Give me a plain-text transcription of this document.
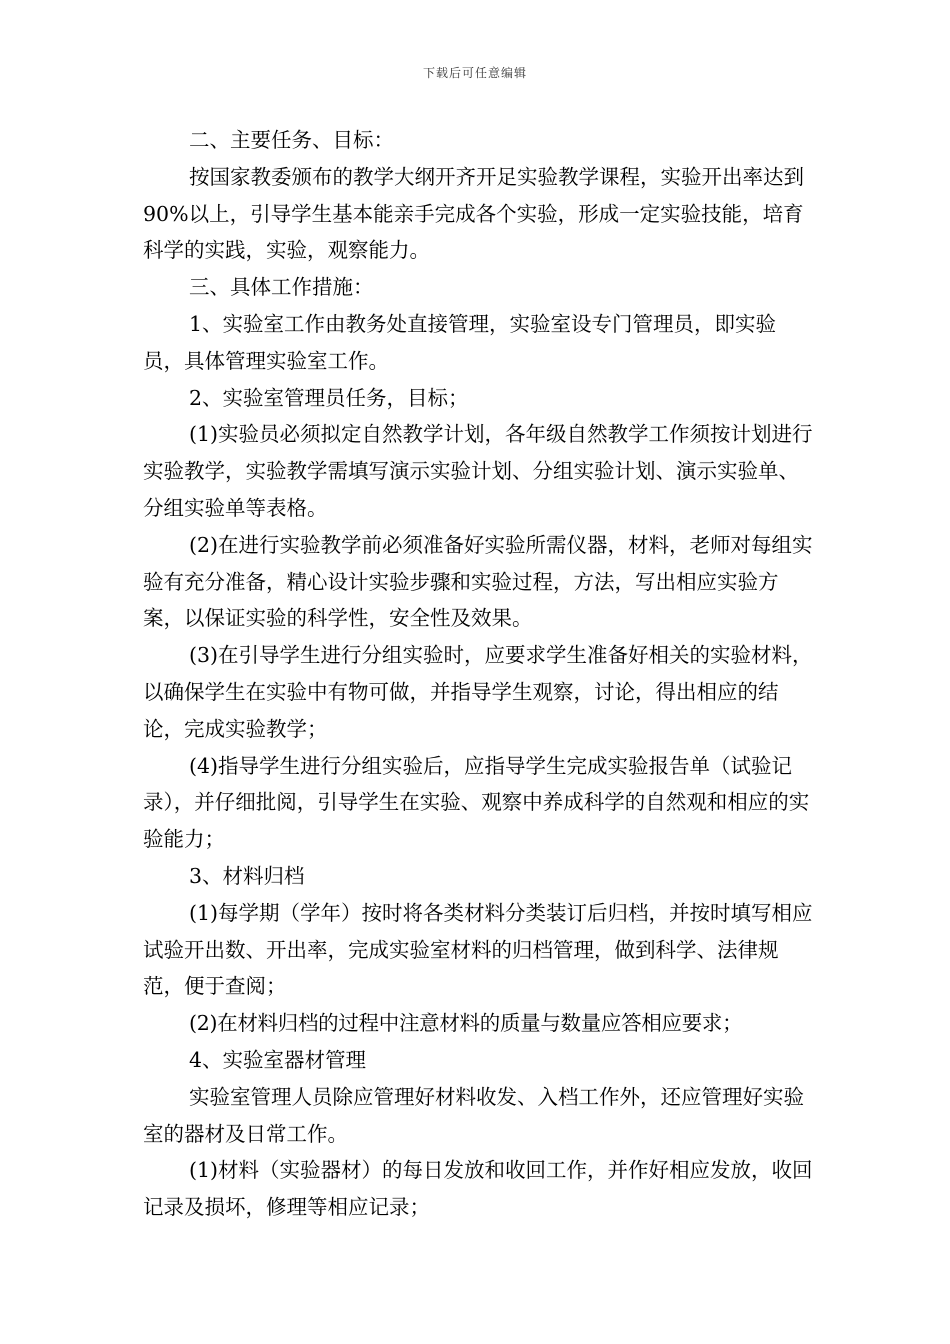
下载后可任意编辑

二、主要任务、目标：

按国家教委颁布的教学大纲开齐开足实验教学课程，实验开出率达到90%以上，引导学生基本能亲手完成各个实验，形成一定实验技能，培育科学的实践，实验，观察能力。

三、具体工作措施：

1、实验室工作由教务处直接管理，实验室设专门管理员，即实验员，具体管理实验室工作。

2、实验室管理员任务，目标；

(1)实验员必须拟定自然教学计划，各年级自然教学工作须按计划进行实验教学，实验教学需填写演示实验计划、分组实验计划、演示实验单、分组实验单等表格。

(2)在进行实验教学前必须准备好实验所需仪器，材料，老师对每组实验有充分准备，精心设计实验步骤和实验过程，方法，写出相应实验方案，以保证实验的科学性，安全性及效果。

(3)在引导学生进行分组实验时，应要求学生准备好相关的实验材料，以确保学生在实验中有物可做，并指导学生观察，讨论，得出相应的结论，完成实验教学；

(4)指导学生进行分组实验后，应指导学生完成实验报告单（试验记录），并仔细批阅，引导学生在实验、观察中养成科学的自然观和相应的实验能力；

3、材料归档

(1)每学期（学年）按时将各类材料分类装订后归档，并按时填写相应试验开出数、开出率，完成实验室材料的归档管理，做到科学、法律规范，便于查阅；

(2)在材料归档的过程中注意材料的质量与数量应答相应要求；

4、实验室器材管理

实验室管理人员除应管理好材料收发、入档工作外，还应管理好实验室的器材及日常工作。

(1)材料（实验器材）的每日发放和收回工作，并作好相应发放，收回记录及损坏，修理等相应记录；
